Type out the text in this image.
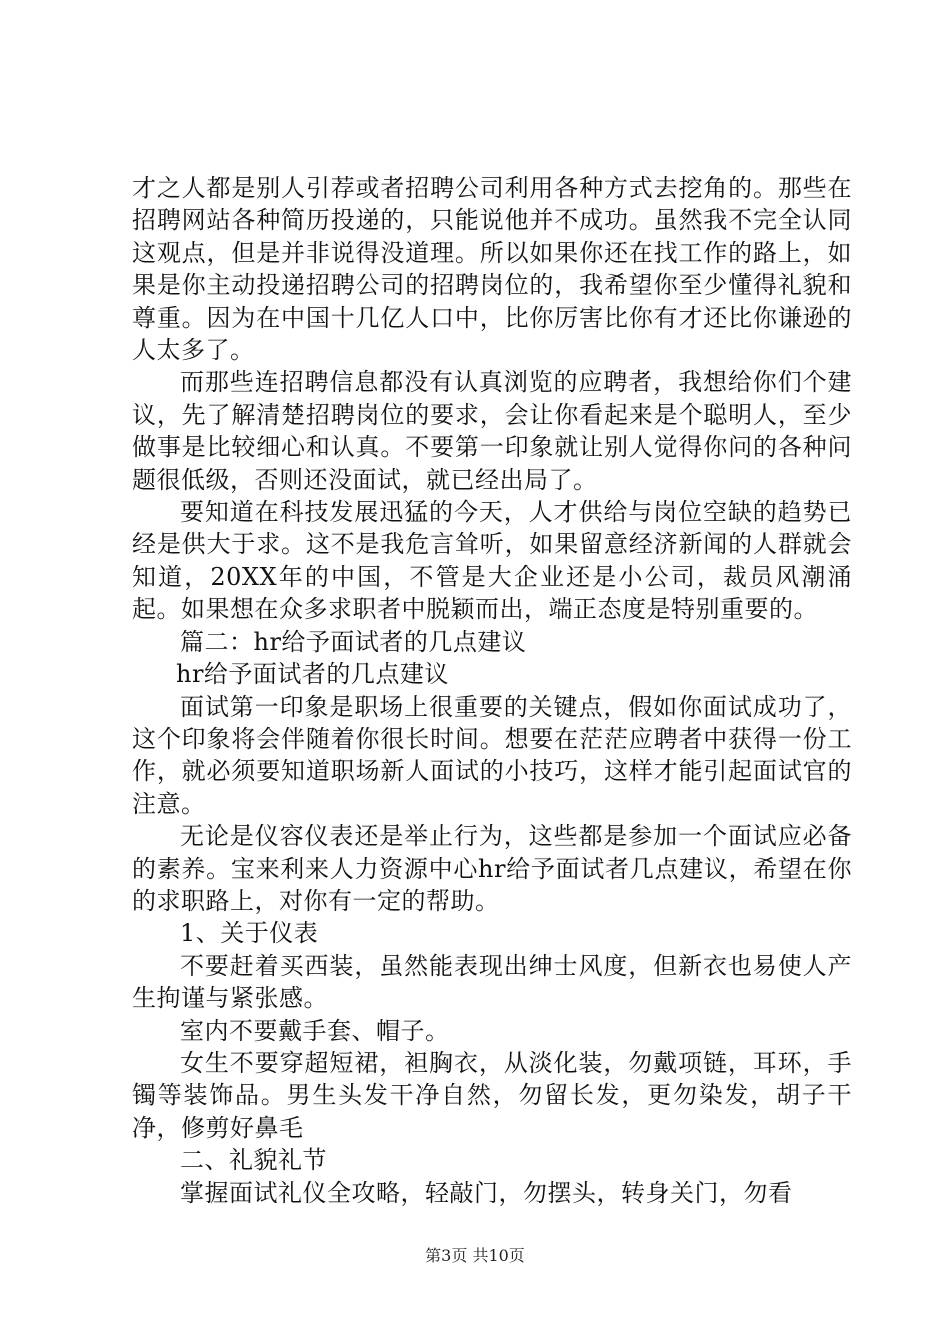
才之人都是别人引荐或者招聘公司利用各种方式去挖角的。那些在招聘网站各种简历投递的，只能说他并不成功。虽然我不完全认同这观点，但是并非说得没道理。所以如果你还在找工作的路上，如果是你主动投递招聘公司的招聘岗位的，我希望你至少懂得礼貌和尊重。因为在中国十几亿人口中，比你厉害比你有才还比你谦逊的人太多了。

而那些连招聘信息都没有认真浏览的应聘者，我想给你们个建议，先了解清楚招聘岗位的要求，会让你看起来是个聪明人，至少做事是比较细心和认真。不要第一印象就让别人觉得你问的各种问题很低级，否则还没面试，就已经出局了。

要知道在科技发展迅猛的今天，人才供给与岗位空缺的趋势已经是供大于求。这不是我危言耸听，如果留意经济新闻的人群就会知道，20XX年的中国，不管是大企业还是小公司，裁员风潮涌起。如果想在众多求职者中脱颖而出，端正态度是特别重要的。

篇二：hr给予面试者的几点建议

hr给予面试者的几点建议

面试第一印象是职场上很重要的关键点，假如你面试成功了，这个印象将会伴随着你很长时间。想要在茫茫应聘者中获得一份工作，就必须要知道职场新人面试的小技巧，这样才能引起面试官的注意。

无论是仪容仪表还是举止行为，这些都是参加一个面试应必备的素养。宝来利来人力资源中心hr给予面试者几点建议，希望在你的求职路上，对你有一定的帮助。

1、关于仪表

不要赶着买西装，虽然能表现出绅士风度，但新衣也易使人产生拘谨与紧张感。

室内不要戴手套、帽子。

女生不要穿超短裙，袒胸衣，从淡化装，勿戴项链，耳环，手镯等装饰品。男生头发干净自然，勿留长发，更勿染发，胡子干净，修剪好鼻毛

二、礼貌礼节

掌握面试礼仪全攻略，轻敲门，勿摆头，转身关门，勿看

第3页 共10页
